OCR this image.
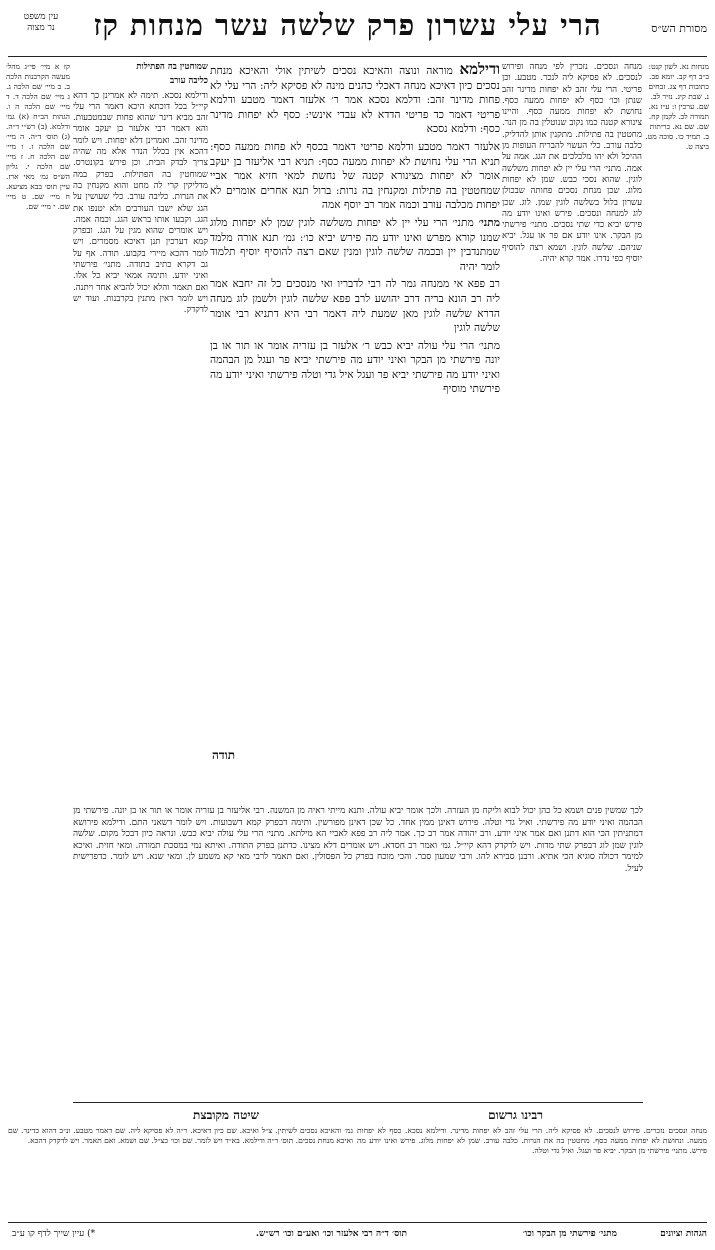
מסורת הש״ס
הרי עלי עשרון פרק שלשה עשר מנחות קז
עין משפט
נר מצוה
מנחות נא. לשון קנט: ב״ב דף קב. יומא פב. כתובות דף צג. זבחים נ. שבת קיג. נזיר לב. שם. ערכין ו: ע״ז נא. תמורה לב. לקמן קח. שם. שם נא. כריתות ב. תמיד כו. סוכה מט. ביצה ט.
מנחה ונסכים. נזכרין לפי מנחה ופירוש לנסכים. לא פסיקא ליה לנכר. מטבע. וכן פריטי. הרי עלי זהב לא יפחות מדינר זהב שנתן וכו׳ כסף לא יפחות ממעה כסף. נחושת לא יפחות ממעה כסף. והיינו צינורא קטנה כמו נקוב שנוטלין בה מן הנר. מחטטין בה פתילות. מתקנין אותן להדליק. כלבה עורב. כלי העשוי להבריח העופות מן ההיכל ולא יהו מלכלכים את הגג. אמה על אמה. מתני׳ הרי עלי יין לא יפחות משלשה לוגין. שהוא נסכי כבש. שמן לא יפחות מלוג. שכן מנחת נסכים פחותה שבכולן עשרון בלול בשלשה לוגין שמן. לוג. שכן לוג למנחה ונסכים. פירש ואינו יודע מה פירש יביא כדי שתי נסכים. מתני׳ פירשתי מן הבקר. אינו יודע אם פר או עגל. יביא שניהם. שלשה לוגין. ושמא רצה להוסיף יוסיף כפי נדרו. אמר קרא יהיה.

ודילמא מוראה ונוצה והאיכא נסכים לשיתין אולי והאיכא מנחת נסכים כיון דאיכא מנחה דאכלי כהנים מינה לא פסיקא ליה: הרי עלי לא פחות מדינר זהב: ודלמא נסכא אמר ר׳ אלעזר דאמר מטבע ודלמא פריטי דאמר כד פריטי הדדא לא עבדי אינשי: כסף לא יפחות מדינר כסף: ודלמא נסכא

אלעזר דאמר מטבע ודלמא פריטי דאמר בכסף לא פחות ממעה כסף: תניא הרי עלי נחושת לא יפחות ממעה כסף: תניא רבי אליעזר בן יעקב אומר לא יפחות מצינורא קטנה של נחשת למאי חזיא אמר אביי שמחטטין בה פתילות ומקנחין בה נרות: ברול תנא אחרים אומרים לא יפחות מכלבה עורב וכמה אמר רב יוסף אמה

מתני׳ מתני׳ הרי עלי יין לא יפחות משלשה לוגין שמן לא יפחות מלוג שמנו קורא מפרש ואינו יודע מה פירש יביא כו׳: גמ׳ תנא אורה מלמד שמתנדבין יין ובכמה שלשה לוגין ומנין שאם רצה להוסיף יוסיף תלמוד לומר יהיה

רב פפא אי ממנחה גמר לה רבי לדבריו ואי מנסכים כל זה יחבא אמר ליה רב הונא בריה דרב יהושע לרב פפא שלשה לוגין ולשמן לוג מנחה הדרא שלשה לוגין מאן שמעת ליה דאמר רבי היא דתניא רבי אומר שלשה לוגין

מתני׳ הרי עלי עולה יביא כבש ר׳ אלעזר בן עזריה אומר או תור או בן יונה פירשתי מן הבקר ואיני יודע מה פירשתי יביא פר ועגל מן הבהמה ואיני יודע מה פירשתי יביא פר ועגל איל גדי וטלה פירשתי ואיני יודע מה פירשתי מוסיף

תודה

שמוחטין בה הפתילות

כליבה עורב

ודילמא נסכא. תימה לא אמרינן כך דהא קיי״ל בכל דוכתא היכא דאמר הרי עלי זהב מביא דינר שהוא פחות שבמטבעות. והא דאמר רבי אלעזר בן יעקב אומר מדינר זהב. ואמרינן דלא יפחות. ויש לומר דהכא אין בכלל הנדר אלא מה שהיה צריך לבדק הבית. וכן פירש בקונטרס. שמוחטין בה הפתילות. בפרק במה מדליקין קרי לה מחט והוא מקנחין בה את הנרות. כליבה עורב. כלי שעושין על הגג שלא ישבו העורבים ולא יטנפו את הגג. וקבעו אותו בראש הגג. וכמה אמה. ויש אומרים שהוא מגין על הגג. ובפרק קמא דערכין תנן דאיכא מסמרים. ויש לומר דהכא מיירי בקבוע. תודה. אף על גב דקרא כתיב בתודה. מתני׳ פירשתי ואיני יודע. ותימה אמאי יביא כל אלו. ואם תאמר והלא יכול להביא אחד ויתנה. ויש לומר דאין מתנין בקרבנות. ועוד יש לדקדק.

קז א מיי׳ פי״ג מהל׳ מעשה הקרבנות הלכה ב. ב מיי׳ שם הלכה ג. ג מיי׳ שם הלכה ד. ד מיי׳ שם הלכה ה ו. הגהות הב״ח (א) גמ׳ ודלמא. (ב) רש״י ד״ה. (ג) תוס׳ ד״ה. ה מיי׳ שם הלכה ז. ו מיי׳ שם הלכה ח. ז מיי׳ שם הלכה י. גליון הש״ס גמ׳ מאי ארז. עיין תוס׳ בבא מציעא. ח מיי׳ שם. ט מיי׳ שם. י מיי׳ שם.
לכך שמשין פנים ושמא כל כהן יכול לבוא וליקח מן העזרה. ולכך אומר יביא עולה. ותנא מייתי ראיה מן המשנה. רבי אליעזר בן עזריה אומר או תור או בן יונה. פירשתי מן הבהמה ואיני יודע מה פירשתי. ואיל גדי וטלה. פירוש דאינן ממין אחד. כל שכן דאינן מפורשין. ותימה דבפרק קמא דשבועות. ויש לומר דשאני התם. ודילמא פירושא דמתניתין הכי הוא דתנן ואם אמר איני יודע. ורב יהודה אמר רב כך. אמר ליה רב פפא לאביי הא מילתא. מתני׳ הרי עלי עולה יביא כבש. ונראה כיון דבכל מקום. שלשה לוגין שמן לוג דבפרק שתי מדות. ויש לדקדק דהא קיי״ל. גמ׳ ואמר רב חסדא. ויש אומרים דלא מצינו. כדתנן בפרק התודה. ואיתא נמי במסכת תמורה. ומאי חזית. ואיכא למימר דכולה סוגיא הכי אתיא. ורבנן סבירא להו. ורבי שמעון סבר. והכי מוכח בפרק כל הפסולין. ואם תאמר לרבי מאי קא משמע לן. ומאי שנא. ויש לומר. כדפרישית לעיל.
רבינו גרשום
שיטה מקובצת
מנחה ונסכים נזכרים. פירוש לנסכים. לא פסיקא ליה. הרי עלי זהב לא יפחות מדינר. ודילמא נסכא. כסף לא יפחות ממעה. ונחושת לא יפחות ממעה כסף. מחטטין בה את הנרות. כלבה עורב. שמן לא יפחות מלוג. פירש ואינו יודע מה פירש. מתני׳ פירשתי מן הבקר. יביא פר ועגל. ואיל גדי וטלה.
גמ׳ והאיכא נסכים לשיתין. צ״ל ואיכא. שם כיון דאיכא. ר״ה לא פסיקא ליה. שם דאמר מטבע. ונ״ב דהוא כדינר. שם ואיכא מנחת נסכים. תוס׳ ד״ה ודילמא. בא״ד ויש לומר. שם וכו׳ כצ״ל. שם ושמא. ואם תאמר. ויש לדקדק דהכא.
הגהות וציונים
מתני׳ פירשתי מן הבקר וכו׳
תוס׳ ד״ה רבי אלעזר וכו׳ ואע״ם וכו׳ רש״ש.
*) עיין שייך לדף קו ע״ב
